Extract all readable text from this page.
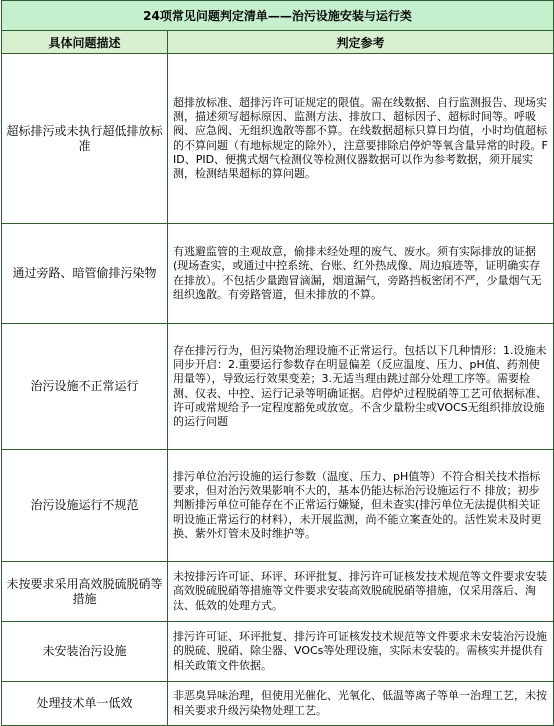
24项常见问题判定清单——治污设施安装与运行类	
具体问题描述	判定参考
超标排污或未执行超低排放标准	超排放标准、超排污许可证规定的限值。需在线数据、自行监测报告、现场实测，描述须写超标原因、监测方法、排放口、超标因子、超标时间等。呼吸阀、应急阀、无组织逸散等都不算。在线数据超标只算日均值，小时均值超标的不算问题（有地标规定的除外），注意要排除启停炉等氧含量异常的时段。FID、PID、便携式烟气检测仪等检测仪器数据可以作为参考数据，须开展实测，检测结果超标的算问题。
通过旁路、暗管偷排污染物	有逃避监管的主观故意，偷排未经处理的废气、废水。须有实际排放的证据(现场查实，或通过中控系统、台账、红外热成像、周边痕迹等，证明确实存在排放）。不包括少量跑冒滴漏，烟道漏气，旁路挡板密闭不严，少量烟气无组织逸散。有旁路管道，但未排放的不算。
治污设施不正常运行	存在排污行为，但污染物治理设施不正常运行。包括以下几种情形：1.设施未同步开启：2.重要运行参数存在明显偏差（反应温度、压力、pH值、药剂使用量等），导致运行效果变差；3.无适当理由跳过部分处理工序等。需要检测、仪表、中控、运行记录等明确证据。启停炉过程脱硝等工艺可依据标准、许可或常规给予一定程度豁免或放宽。不含少量粉尘或VOCS无组织排放设施的运行问题
治污设施运行不规范	排污单位治污设施的运行参数（温度、压力、pH值等）不符合相关技术指标要求，但对治污效果影响不大的，基本仍能达标治污设施运行不 排放；初步判断排污单位可能存在不正常运行嫌疑，但未查实(排污单位无法提供相关证明设施正常运行的材料），未开展监测，尚不能立案查处的。活性炭未及时更换、紫外灯管未及时维护等。
未按要求采用高效脱硫脱硝等措施	未按排污许可证、环评、环评批复、排污许可证核发技术规范等文件要求安装高效脱硫脱硝等措施等文件要求安装高效脱硫脱硝等措施，仅采用落后、淘汰、低效的处理方式。
未安装治污设施	排污许可证、环评批复、排污许可证核发技术规范等文件要求未安装治污设施的脱硫、脱硝、除尘器、VOCs等处理设施，实际未安装的。需核实并提供有相关政策文件依据。
处理技术单一低效	非恶臭异味治理，但使用光催化、光氧化、低温等离子等单一治理工艺，未按相关要求升级污染物处理工艺。
